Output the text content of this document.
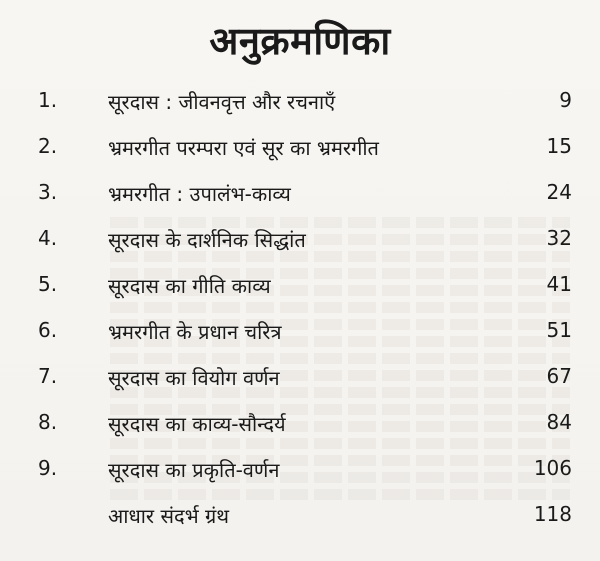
अनुक्रमणिका
1.	सूरदास : जीवनवृत्त और रचनाएँ	9
2.	भ्रमरगीत परम्परा एवं सूर का भ्रमरगीत	15
3.	भ्रमरगीत : उपालंभ-काव्य	24
4.	सूरदास के दार्शनिक सिद्धांत	32
5.	सूरदास का गीति काव्य	41
6.	भ्रमरगीत के प्रधान चरित्र	51
7.	सूरदास का वियोग वर्णन	67
8.	सूरदास का काव्य-सौन्दर्य	84
9.	सूरदास का प्रकृति-वर्णन	106
आधार संदर्भ ग्रंथ	118
